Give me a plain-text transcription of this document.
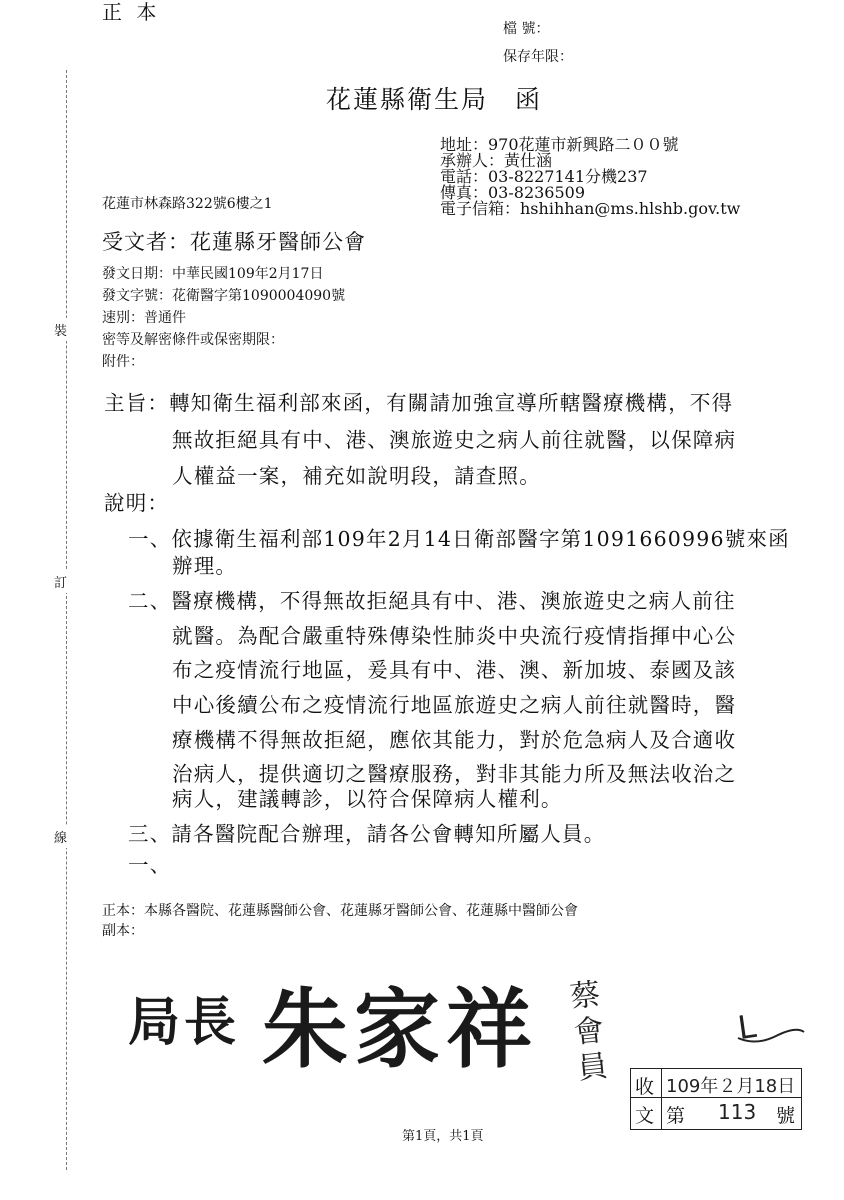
裝
訂
線
正 本
檔 號：
保存年限：
花蓮縣衛生局　函
地址：970花蓮市新興路二００號
承辦人：黃仕涵
電話：03-8227141分機237
傳真：03-8236509
電子信箱：hshihhan@ms.hlshb.gov.tw
花蓮市林森路322號6樓之1
受文者：花蓮縣牙醫師公會
發文日期：中華民國109年2月17日
發文字號：花衛醫字第1090004090號
速別：普通件
密等及解密條件或保密期限：
附件：
主旨：轉知衛生福利部來函，有關請加強宣導所轄醫療機構，不得
無故拒絕具有中、港、澳旅遊史之病人前往就醫，以保障病
人權益一案，補充如說明段，請查照。
說明：
一、依據衛生福利部109年2月14日衛部醫字第1091660996號來函
辦理。
二、醫療機構，不得無故拒絕具有中、港、澳旅遊史之病人前往
就醫。為配合嚴重特殊傳染性肺炎中央流行疫情指揮中心公
布之疫情流行地區，爰具有中、港、澳、新加坡、泰國及該
中心後續公布之疫情流行地區旅遊史之病人前往就醫時，醫
療機構不得無故拒絕，應依其能力，對於危急病人及合適收
治病人，提供適切之醫療服務，對非其能力所及無法收治之
病人，建議轉診，以符合保障病人權利。
三、請各醫院配合辦理，請各公會轉知所屬人員。
一、
正本：本縣各醫院、花蓮縣醫師公會、花蓮縣牙醫師公會、花蓮縣中醫師公會
副本：
局長 朱家祥 蔡會員
L
收
文
109年２月18日
第 113 號
第1頁，共1頁
